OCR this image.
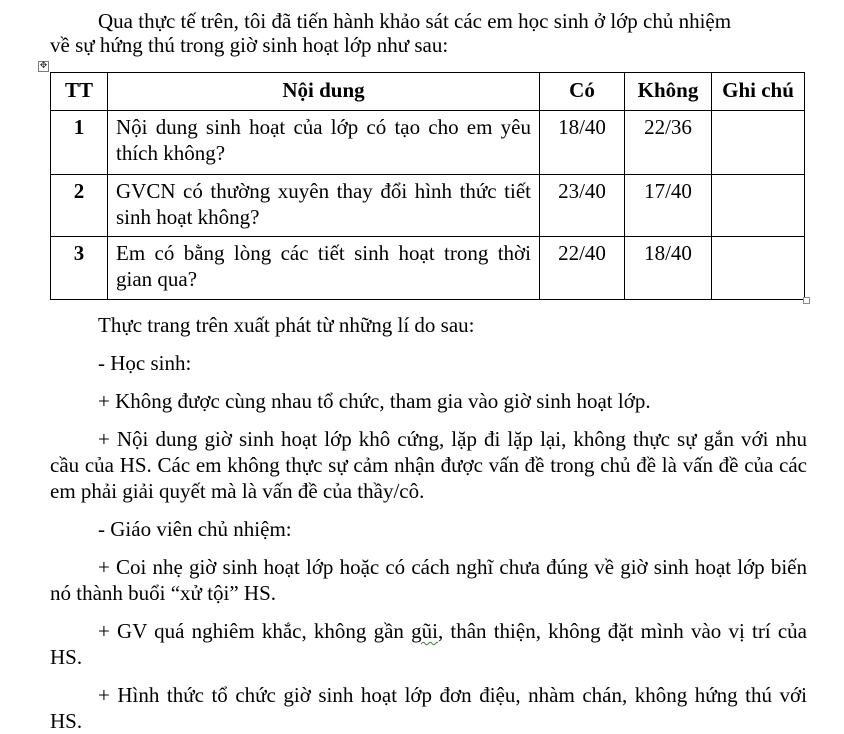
Qua thực tế trên, tôi đã tiến hành khảo sát các em học sinh ở lớp chủ nhiệm

về sự hứng thú trong giờ sinh hoạt lớp như sau:

✥
TT	Nội dung	Có	Không	Ghi chú
1	Nội dung sinh hoạt của lớp có tạo cho em yêu thích không?	18/40	22/36	
2	GVCN có thường xuyên thay đổi hình thức tiết sinh hoạt không?	23/40	17/40	
3	Em có bằng lòng các tiết sinh hoạt trong thời gian qua?	22/40	18/40	

Thực trang trên xuất phát từ những lí do sau:

- Học sinh:

+ Không được cùng nhau tổ chức, tham gia vào giờ sinh hoạt lớp.

+ Nội dung giờ sinh hoạt lớp khô cứng, lặp đi lặp lại, không thực sự gắn với nhu cầu của HS. Các em không thực sự cảm nhận được vấn đề trong chủ đề là vấn đề của các em phải giải quyết mà là vấn đề của thầy/cô.

- Giáo viên chủ nhiệm:

+ Coi nhẹ giờ sinh hoạt lớp hoặc có cách nghĩ chưa đúng về giờ sinh hoạt lớp biến nó thành buổi “xử tội” HS.

+ GV quá nghiêm khắc, không gần gũi, thân thiện, không đặt mình vào vị trí của HS.

+ Hình thức tổ chức giờ sinh hoạt lớp đơn điệu, nhàm chán, không hứng thú với HS.
